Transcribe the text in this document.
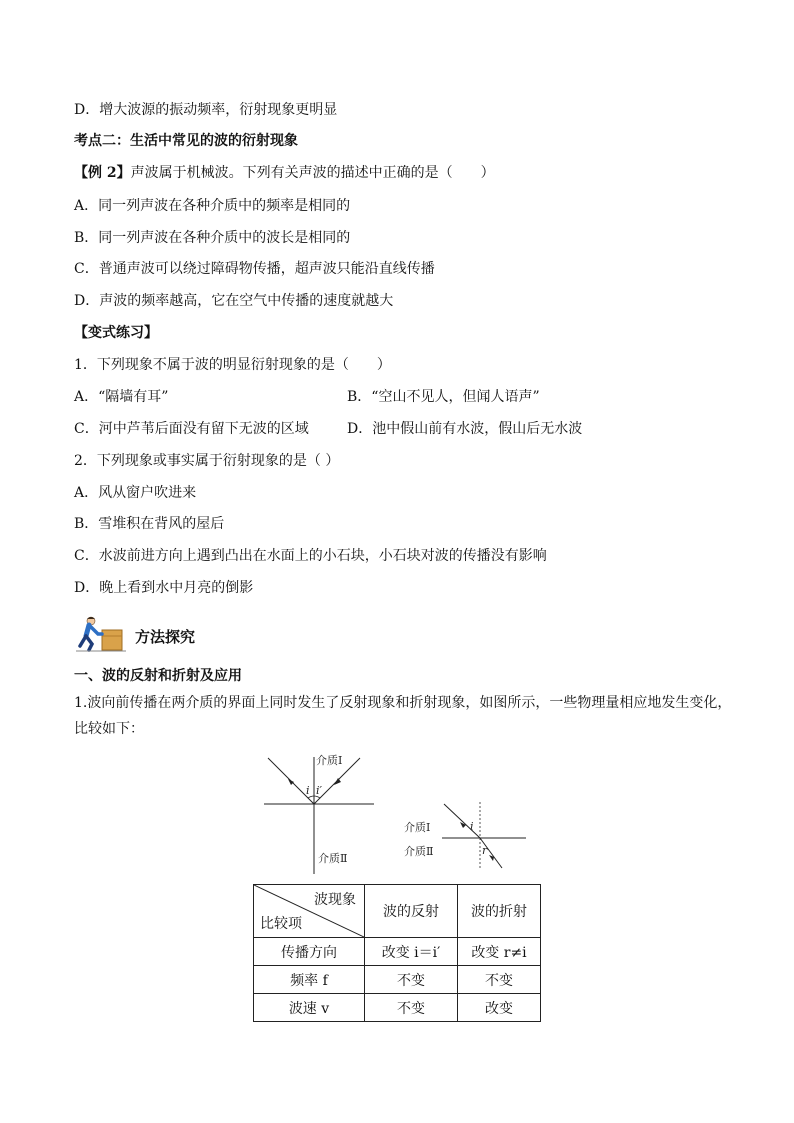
D．增大波源的振动频率，衍射现象更明显
考点二：生活中常见的波的衍射现象
【例 2】声波属于机械波。下列有关声波的描述中正确的是（　　）
A．同一列声波在各种介质中的频率是相同的
B．同一列声波在各种介质中的波长是相同的
C．普通声波可以绕过障碍物传播，超声波只能沿直线传播
D．声波的频率越高，它在空气中传播的速度就越大
【变式练习】
1．下列现象不属于波的明显衍射现象的是（　　）
A．“隔墙有耳”	B．“空山不见人，但闻人语声”
C．河中芦苇后面没有留下无波的区域	D．池中假山前有水波，假山后无水波
2．下列现象或事实属于衍射现象的是（ ）
A．风从窗户吹进来
B．雪堆积在背风的屋后
C．水波前进方向上遇到凸出在水面上的小石块，小石块对波的传播没有影响
D．晚上看到水中月亮的倒影
方法探究
一、波的反射和折射及应用
1.波向前传播在两介质的界面上同时发生了反射现象和折射现象，如图所示，一些物理量相应地发生变化，比较如下：
介质Ⅰ
i i′
介质Ⅱ
介质Ⅰ
介质Ⅱ
i
r
波现象
比较项	波的反射	波的折射
传播方向	改变 i＝i′	改变 r≠i
频率 f	不变	不变
波速 v	不变	改变
